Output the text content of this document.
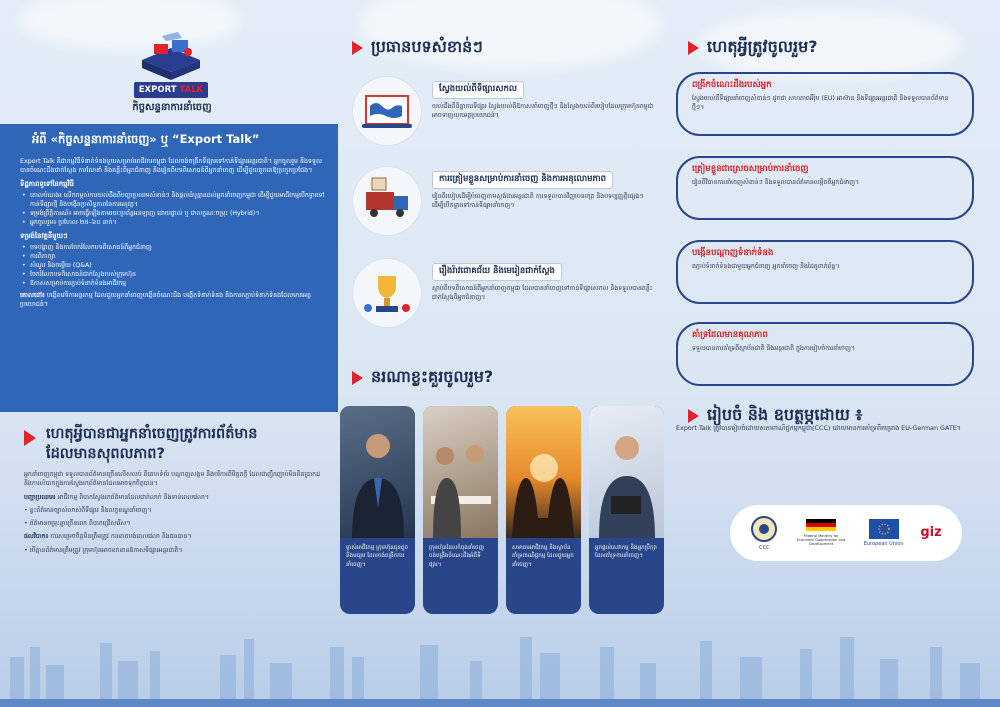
EXPORT TALK
កិច្ចសន្ទនាការនាំចេញ
អំពី «កិច្ចសន្ទនាការនាំចេញ» ឬ “Export Talk”

Export Talk គឺជាកម្មវិធីទំនាក់ទំនងមួយសម្រាប់អាជីវករកម្ពុជា ដែលចង់ពង្រីកទីផ្សារទៅកាន់ទីផ្សារអន្តរជាតិ។ អ្នកចូលរួម នឹងទទួលបានចំណេះដឹងជាក់ស្តែង ការណែនាំ និងគន្លឹះពីអ្នកជំនាញ និងរៀនពីបទពិសោធន៍ពីអ្នកនាំចេញ ដើម្បីជួយពួកគេឱ្យប្រកួតប្រជែង។

ទិដ្ឋភាពទូទៅនៃកម្មវិធី
• គោលបំណង៖ លើកកម្ពស់ការយល់ដឹងពីបញ្ហាប្រឈមសំខាន់ៗ និងផ្តល់ដំបូន្មានដល់អ្នកនាំចេញកម្ពុជា ដើម្បីជួយអាជីវកម្មបើកទ្វារទៅកាន់ទីផ្សារថ្មី និងបង្កើនប្រសិទ្ធភាពនៃការអនុវត្ត។
• ទម្រង់ព្រឹត្តិការណ៍៖ អាចធ្វើឡើងតាមរយៈប្រព័ន្ធអនឡាញ ដោយផ្ទាល់ ឬ ជាលក្ខណៈចម្រុះ (Hybrid)។
• អ្នកចូលរួម៖ ប្រហែល ២៥–៦០ នាក់។
ទម្រង់នៃវគ្គនីមួយៗ
• បទបង្ហាញ និងការចែករំលែកបទពិសោធន៍ពីអ្នកជំនាញ
• ការពិភាក្សា
• សំណួរ និងចម្លើយ (Q&A)
• ចែករំលែកបទពិសោធន៍ជាក់ស្តែងរបស់ក្រុមហ៊ុន
• ឱកាសសម្រាប់ការភ្ជាប់ទំនាក់ទំនងអាជីវកម្ម

គោលដៅ៖ បង្កើតវេទិកាអន្តរកម្ម ដែលជួយអ្នកនាំចេញបង្កើនចំណេះដឹង បង្កើតទំនាក់ទំនង និងការតភ្ជាប់ទំនាក់ទំនងដែលមានអត្ថប្រយោជន៍។

ហេតុអ្វីបានជាអ្នកនាំចេញត្រូវការព័ត៌មាន
ដែលមានសុពលភាព?

អ្នកនាំចេញកម្ពុជា ទទួលបានព័ត៌មានច្រើនលើសលប់ ពីគេហទំព័រ បណ្តាញសង្គម និងបរិការពីមិត្តភក្តិ ដែលជាញឹកញាប់មិនពិតប្រាកដ និងការលំបាកក្នុងការស្វែងរកព័ត៌មានដែលអាចទុកចិត្តបាន។

បញ្ហាប្រឈម៖ អាជីវកម្ម ពិបាកស្វែងរកព័ត៌មានដែលជាក់លាក់ និងទាន់ពេលវេលា។

• ខ្វះព័ត៌មានច្បាស់លាស់ពីទីផ្សារ និងលក្ខខណ្ឌនាំចេញ។

• ព័ត៌មានចម្រុះគ្នាច្រើនពេក ពិបាកជ្រើសរើស។

ផលវិបាក៖ ការសម្រេចចិត្តមិនត្រឹមត្រូវ ការខាតបង់ពេលវេលា និងធនធាន។

• បើគ្មានព័ត៌មានត្រឹមត្រូវ ក្រុមហ៊ុនអាចខកខានឱកាសទីផ្សារអន្តរជាតិ។

ប្រធានបទសំខាន់ៗ
ស្វែងយល់ពីទីផ្សារសកល
យល់ដឹងពីនិន្នាការទីផ្សារ ស្វែងយល់ពីឱកាសនាំចេញថ្មីៗ និងស្វែងយល់ពីរបៀបដែលក្រុមហ៊ុនកម្ពុជាអាចទាញយកអត្ថប្រយោជន៍។
ការត្រៀមខ្លួនសម្រាប់ការនាំចេញ និងការអនុលោមភាព
រៀនពីរបៀបដើម្បីបំពេញតាមស្តង់ដារអន្តរជាតិ ការទទួលបានវិញ្ញាបនបត្រ និងបទប្បញ្ញត្តិផ្សេងៗ ដើម្បីបើកទ្វារទៅកាន់ទីផ្សារនាំចេញ។
រឿងរ៉ាវជោគជ័យ និងមេរៀនជាក់ស្តែង
ស្តាប់ពីបទពិសោធន៍ពីអ្នកនាំចេញកម្ពុជា ដែលបាននាំចេញទៅកាន់ទីផ្សារសកល និងទទួលបានគន្លឹះជាក់ស្តែងពីអ្នកជំនាញ។
នរណាខ្លះគួរចូលរួម?
ម្ចាស់អាជីវកម្ម ក្រុមហ៊ុនធុនតូច និងមធ្យម ដែលចង់ពង្រីកការនាំចេញ។
ក្រុមហ៊ុនដែលកំពុងនាំចេញ ចង់ពង្រឹងចំណេះដឹងអំពីទីផ្សារ។
សមាគមអាជីវកម្ម និងស្ថាប័នគាំទ្រពាណិជ្ជកម្ម ដែលជួយអ្នកនាំចេញ។
អ្នកផ្តល់សេវាកម្ម និងអ្នកប្រឹក្សាដែលគាំទ្រការនាំចេញ។
ហេតុអ្វីត្រូវចូលរួម?
ពង្រីកចំណេះដឹងរបស់អ្នក
ស្វែងយល់ពីទីផ្សារនាំចេញសំខាន់ៗ ដូចជា សហភាពអឺរ៉ុប (EU) អាស៊ាន និងទីផ្សារអន្តរជាតិ និងទទួលបានព័ត៌មានថ្មីៗ។
ត្រៀមខ្លួនជាស្រេចសម្រាប់ការនាំចេញ
រៀនពីវិធានការនាំចេញសំខាន់ៗ និងទទួលបានព័ត៌មានលម្អិតពីអ្នកជំនាញ។
បង្កើនបណ្តាញទំនាក់ទំនង
តភ្ជាប់ទំនាក់ទំនងជាមួយអ្នកជំនាញ អ្នកនាំចេញ និងដៃគូពាក់ព័ន្ធ។
គាំទ្រដែលមានគុណភាព
ទទួលបានការគាំទ្រពីស្ថាប័នជាតិ និងអន្តរជាតិ ក្នុងការរៀបចំការនាំចេញ។
រៀបចំ និង ឧបត្ថម្ភដោយ ៖
Export Talk ត្រូវបានរៀបចំដោយសភាពាណិជ្ជកម្មកម្ពុជា(CCC) ដោយមានការគាំទ្រពីគម្រោង EU-German GATE។
CCC
Federal Ministry for Economic Cooperation and Development	European Union
giz
